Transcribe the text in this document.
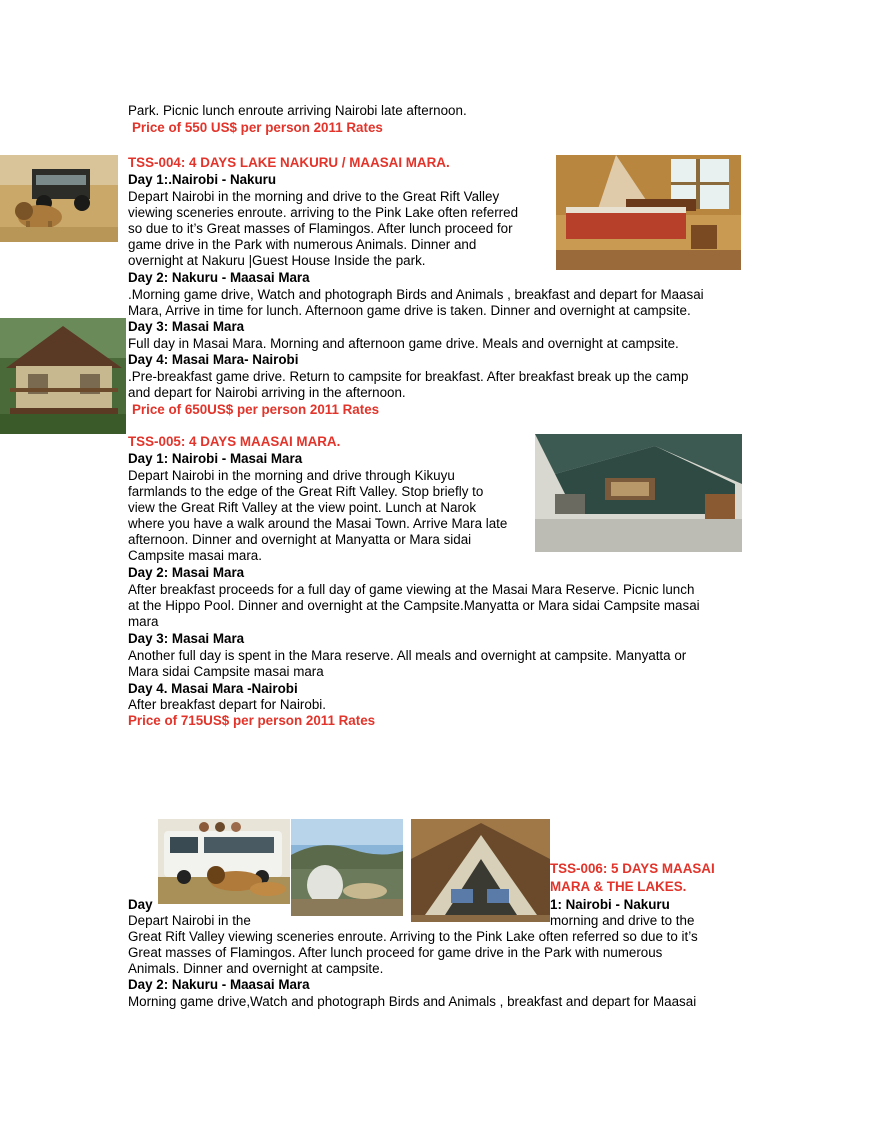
Park. Picnic lunch enroute arriving Nairobi late afternoon.
Price of 550 US$ per person 2011 Rates
TSS-004: 4 DAYS LAKE NAKURU / MAASAI MARA.
Day 1:.Nairobi - Nakuru
Depart Nairobi in the morning and drive to the Great Rift Valley
viewing sceneries enroute. arriving to the Pink Lake often referred
so due to it’s Great masses of Flamingos. After lunch proceed for
game drive in the Park with numerous Animals. Dinner and
overnight at Nakuru |Guest House Inside the park.
Day 2: Nakuru - Maasai Mara
.Morning game drive, Watch and photograph Birds and Animals , breakfast and depart for Maasai
Mara, Arrive in time for lunch. Afternoon game drive is taken. Dinner and overnight at campsite.
Day 3: Masai Mara
Full day in Masai Mara. Morning and afternoon game drive. Meals and overnight at campsite.
Day 4: Masai Mara- Nairobi
.Pre-breakfast game drive. Return to campsite for breakfast. After breakfast break up the camp
and depart for Nairobi arriving in the afternoon.
Price of 650US$ per person 2011 Rates
TSS-005: 4 DAYS MAASAI MARA.
Day 1: Nairobi - Masai Mara
Depart Nairobi in the morning and drive through Kikuyu
farmlands to the edge of the Great Rift Valley. Stop briefly to
view the Great Rift Valley at the view point. Lunch at Narok
where you have a walk around the Masai Town. Arrive Mara late
afternoon. Dinner and overnight at Manyatta or Mara sidai
Campsite masai mara.
Day 2: Masai Mara
After breakfast proceeds for a full day of game viewing at the Masai Mara Reserve. Picnic lunch
at the Hippo Pool. Dinner and overnight at the Campsite.Manyatta or Mara sidai Campsite masai
mara
Day 3: Masai Mara
Another full day is spent in the Mara reserve. All meals and overnight at campsite. Manyatta or
Mara sidai Campsite masai mara
Day 4. Masai Mara -Nairobi
After breakfast depart for Nairobi.
Price of 715US$ per person 2011 Rates
TSS-006: 5 DAYS MAASAI
MARA & THE LAKES.
Day	1: Nairobi - Nakuru
Depart Nairobi in the	morning and drive to the
Great Rift Valley viewing sceneries enroute. Arriving to the Pink Lake often referred so due to it’s
Great masses of Flamingos. After lunch proceed for game drive in the Park with numerous
Animals. Dinner and overnight at campsite.
Day 2: Nakuru - Maasai Mara
Morning game drive,Watch and photograph Birds and Animals , breakfast and depart for Maasai
